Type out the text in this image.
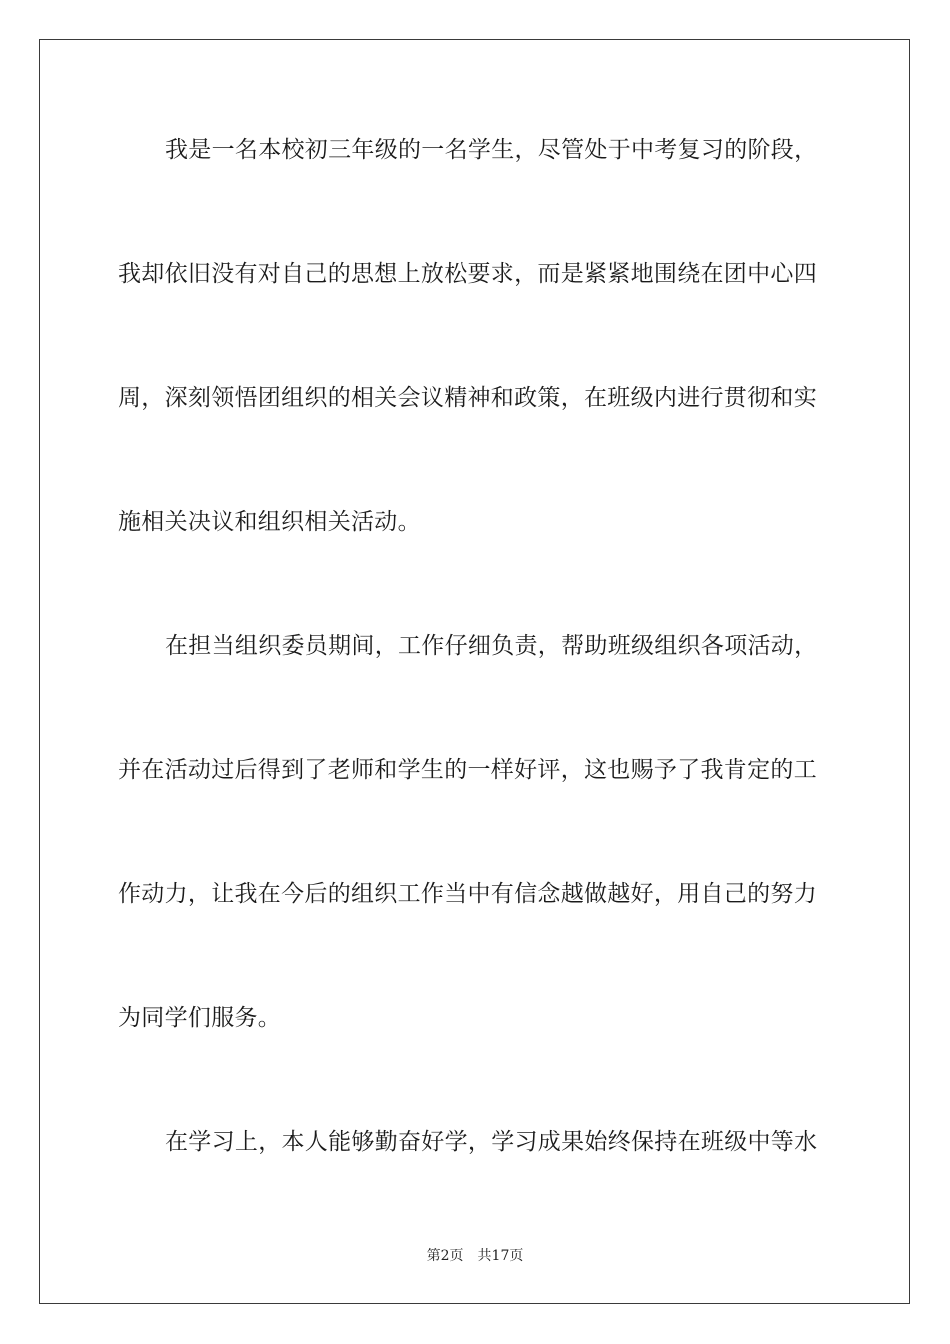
我是一名本校初三年级的一名学生，尽管处于中考复习的阶段，
我却依旧没有对自己的思想上放松要求，而是紧紧地围绕在团中心四
周，深刻领悟团组织的相关会议精神和政策，在班级内进行贯彻和实
施相关决议和组织相关活动。
在担当组织委员期间，工作仔细负责，帮助班级组织各项活动，
并在活动过后得到了老师和学生的一样好评，这也赐予了我肯定的工
作动力，让我在今后的组织工作当中有信念越做越好，用自己的努力
为同学们服务。
在学习上，本人能够勤奋好学，学习成果始终保持在班级中等水
第2页 共17页
